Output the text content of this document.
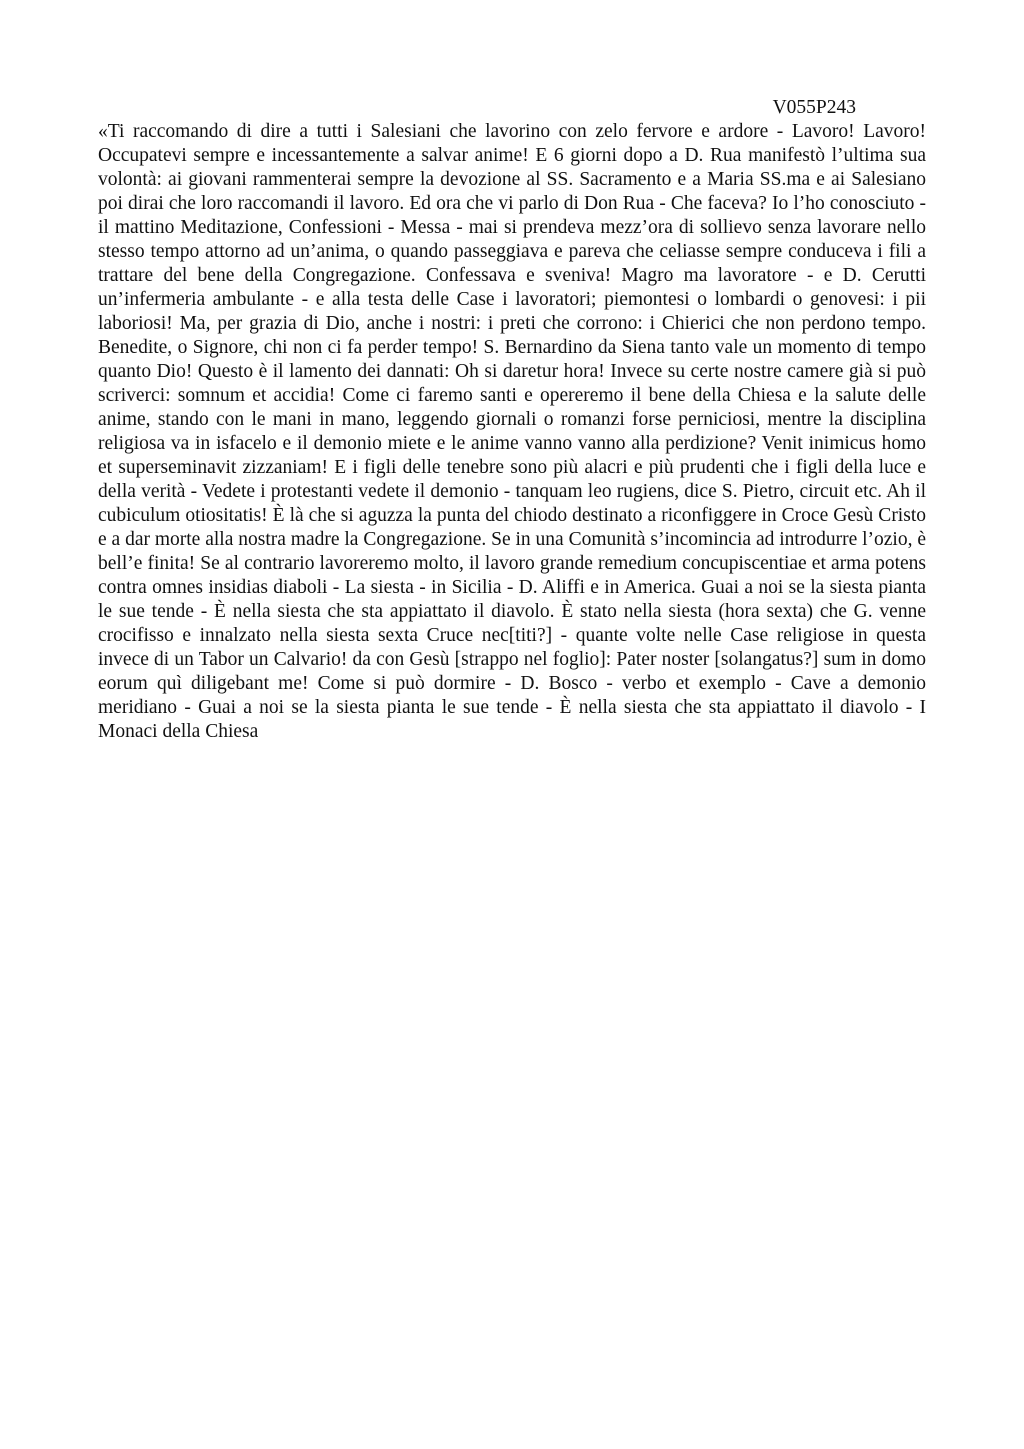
V055P243

«Ti raccomando di dire a tutti i Salesiani che lavorino con zelo fervore e ardore - Lavoro! Lavoro! Occupatevi sempre e incessantemente a salvar anime! E 6 giorni dopo a D. Rua manifestò l’ultima sua volontà: ai giovani rammenterai sempre la devozione al SS. Sacramento e a Maria SS.ma e ai Salesiano poi dirai che loro raccomandi il lavoro. Ed ora che vi parlo di Don Rua - Che faceva? Io l’ho conosciuto - il mattino Meditazione, Confessioni - Messa - mai si prendeva mezz’ora di sollievo senza lavorare nello stesso tempo attorno ad un’anima, o quando passeggiava e pareva che celiasse sempre conduceva i fili a trattare del bene della Congregazione. Confessava e sveniva! Magro ma lavoratore - e D. Cerutti un’infermeria ambulante - e alla testa delle Case i lavoratori; piemontesi o lombardi o genovesi: i pii laboriosi! Ma, per grazia di Dio, anche i nostri: i preti che corrono: i Chierici che non perdono tempo. Benedite, o Signore, chi non ci fa perder tempo! S. Bernardino da Siena tanto vale un momento di tempo quanto Dio! Questo è il lamento dei dannati: Oh si daretur hora! Invece su certe nostre camere già si può scriverci: somnum et accidia! Come ci faremo santi e opereremo il bene della Chiesa e la salute delle anime, stando con le mani in mano, leggendo giornali o romanzi forse perniciosi, mentre la disciplina religiosa va in isfacelo e il demonio miete e le anime vanno vanno alla perdizione? Venit inimicus homo et superseminavit zizzaniam! E i figli delle tenebre sono più alacri e più prudenti che i figli della luce e della verità - Vedete i protestanti vedete il demonio - tanquam leo rugiens, dice S. Pietro, circuit etc. Ah il cubiculum otiositatis! È là che si aguzza la punta del chiodo destinato a riconfiggere in Croce Gesù Cristo e a dar morte alla nostra madre la Congregazione. Se in una Comunità s’incomincia ad introdurre l’ozio, è bell’e finita! Se al contrario lavoreremo molto, il lavoro grande remedium concupiscentiae et arma potens contra omnes insidias diaboli - La siesta - in Sicilia - D. Aliffi e in America. Guai a noi se la siesta pianta le sue tende - È nella siesta che sta appiattato il diavolo. È stato nella siesta (hora sexta) che G. venne crocifisso e innalzato nella siesta sexta Cruce nec[titi?] - quante volte nelle Case religiose in questa invece di un Tabor un Calvario! da con Gesù [strappo nel foglio]: Pater noster [solangatus?] sum in domo eorum quì diligebant me! Come si può dormire - D. Bosco - verbo et exemplo - Cave a demonio meridiano - Guai a noi se la siesta pianta le sue tende - È nella siesta che sta appiattato il diavolo - I Monaci della Chiesa
